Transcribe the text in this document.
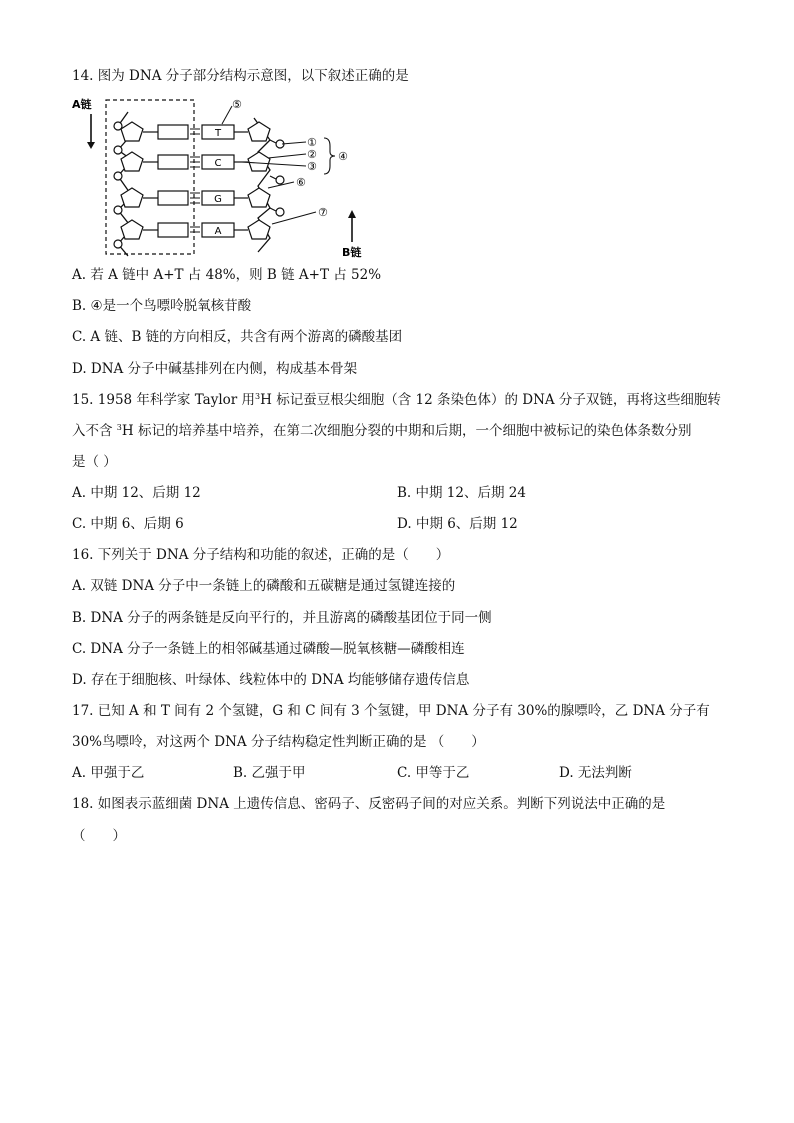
14. 图为 DNA 分子部分结构示意图，以下叙述正确的是
A链
T
C
G
A
⑤
①
②
③
④
⑥
⑦
B链
A. 若 A 链中 A+T 占 48%，则 B 链 A+T 占 52%
B. ④是一个鸟嘌呤脱氧核苷酸
C. A 链、B 链的方向相反，共含有两个游离的磷酸基团
D. DNA 分子中碱基排列在内侧，构成基本骨架
15. 1958 年科学家 Taylor 用$^3$H 标记蚕豆根尖细胞（含 12 条染色体）的 DNA 分子双链，再将这些细胞转
入不含 $^3$H 标记的培养基中培养，在第二次细胞分裂的中期和后期，一个细胞中被标记的染色体条数分别
是（ ）
A. 中期 12、后期 12	B. 中期 12、后期 24
C. 中期 6、后期 6	D. 中期 6、后期 12
16. 下列关于 DNA 分子结构和功能的叙述，正确的是（　　）
A. 双链 DNA 分子中一条链上的磷酸和五碳糖是通过氢键连接的
B. DNA 分子的两条链是反向平行的，并且游离的磷酸基团位于同一侧
C. DNA 分子一条链上的相邻碱基通过磷酸—脱氧核糖—磷酸相连
D. 存在于细胞核、叶绿体、线粒体中的 DNA 均能够储存遗传信息
17. 已知 A 和 T 间有 2 个氢键，G 和 C 间有 3 个氢键，甲 DNA 分子有 30%的腺嘌呤，乙 DNA 分子有
30%鸟嘌呤，对这两个 DNA 分子结构稳定性判断正确的是 （　　）
A. 甲强于乙	B. 乙强于甲	C. 甲等于乙	D. 无法判断
18. 如图表示蓝细菌 DNA 上遗传信息、密码子、反密码子间的对应关系。判断下列说法中正确的是
（　　）
